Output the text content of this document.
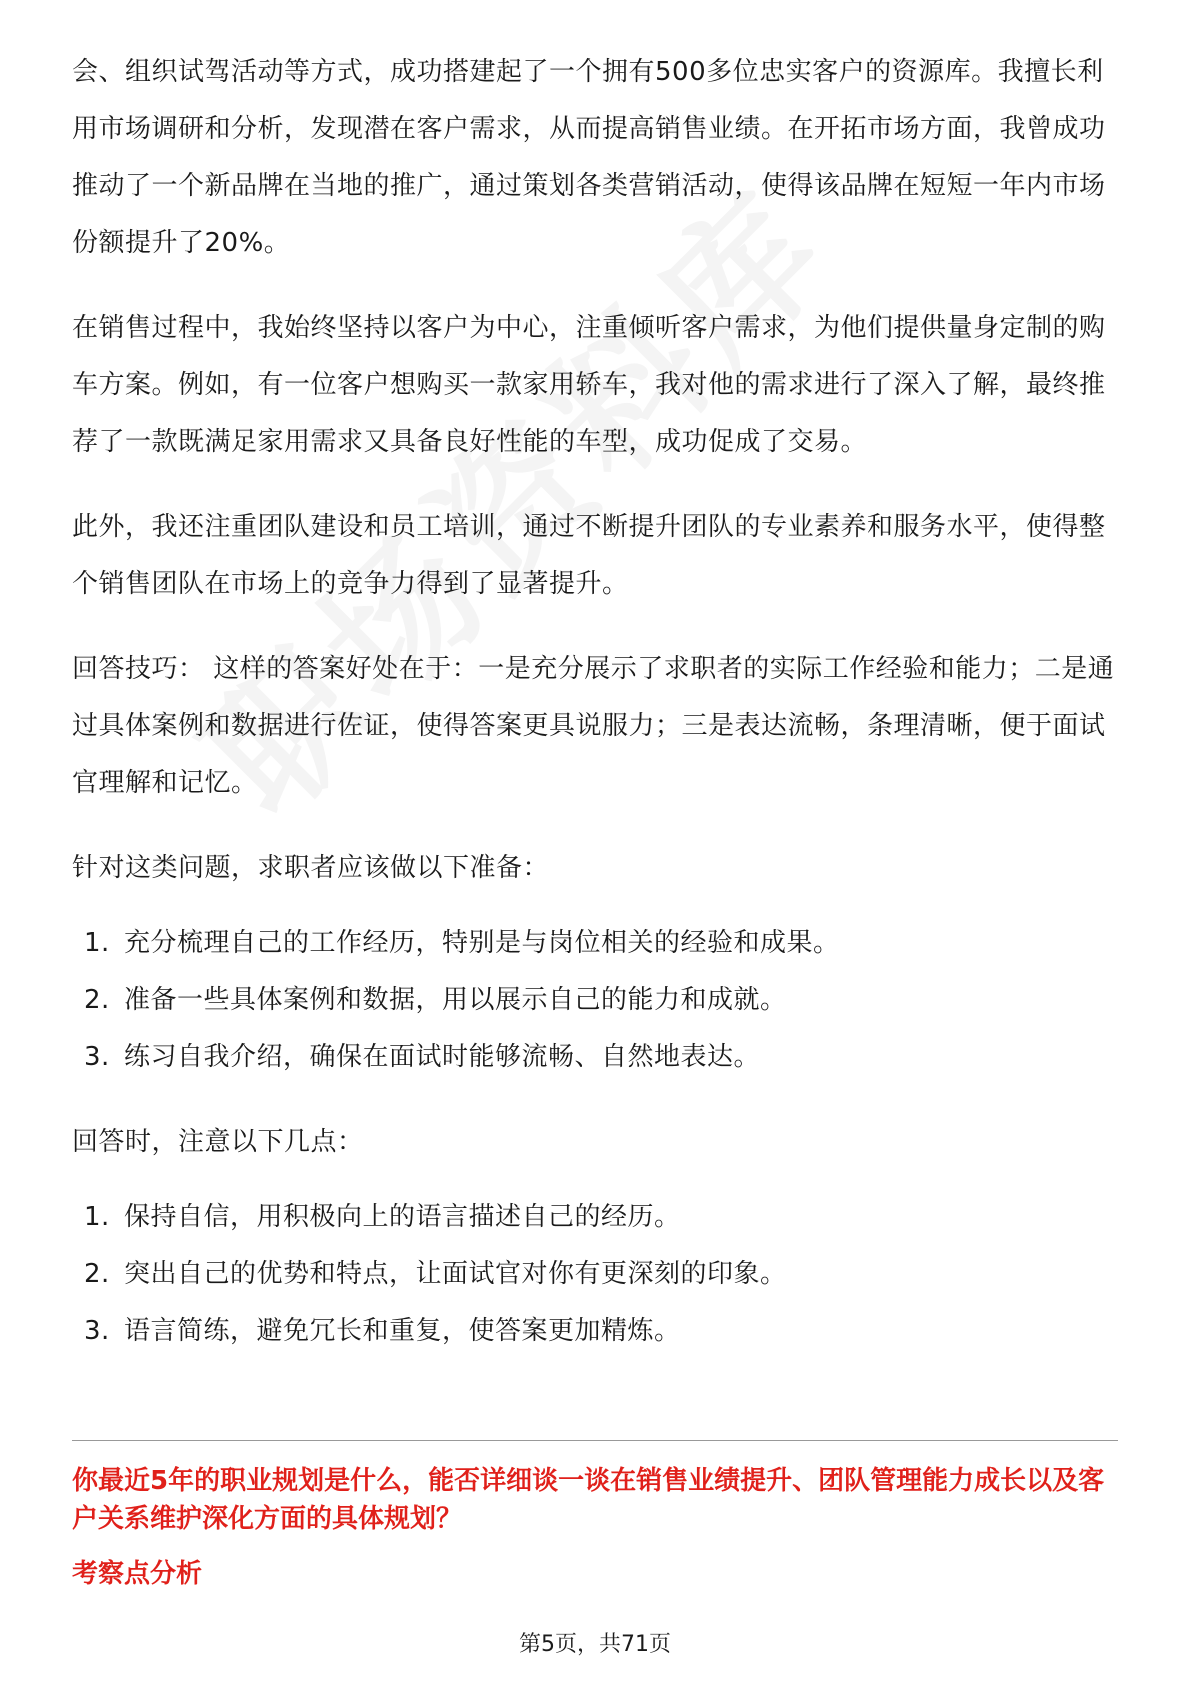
会、组织试驾活动等方式，成功搭建起了一个拥有500多位忠实客户的资源库。我擅长利用市场调研和分析，发现潜在客户需求，从而提高销售业绩。在开拓市场方面，我曾成功推动了一个新品牌在当地的推广，通过策划各类营销活动，使得该品牌在短短一年内市场份额提升了20%。

在销售过程中，我始终坚持以客户为中心，注重倾听客户需求，为他们提供量身定制的购车方案。例如，有一位客户想购买一款家用轿车，我对他的需求进行了深入了解，最终推荐了一款既满足家用需求又具备良好性能的车型，成功促成了交易。

此外，我还注重团队建设和员工培训，通过不断提升团队的专业素养和服务水平，使得整个销售团队在市场上的竞争力得到了显著提升。

回答技巧： 这样的答案好处在于：一是充分展示了求职者的实际工作经验和能力；二是通过具体案例和数据进行佐证，使得答案更具说服力；三是表达流畅，条理清晰，便于面试官理解和记忆。

针对这类问题，求职者应该做以下准备：

1. 充分梳理自己的工作经历，特别是与岗位相关的经验和成果。
2. 准备一些具体案例和数据，用以展示自己的能力和成就。
3. 练习自我介绍，确保在面试时能够流畅、自然地表达。

回答时，注意以下几点：

1. 保持自信，用积极向上的语言描述自己的经历。
2. 突出自己的优势和特点，让面试官对你有更深刻的印象。
3. 语言简练，避免冗长和重复，使答案更加精炼。
你最近5年的职业规划是什么，能否详细谈一谈在销售业绩提升、团队管理能力成长以及客户关系维护深化方面的具体规划？
考察点分析
第5页，共71页
